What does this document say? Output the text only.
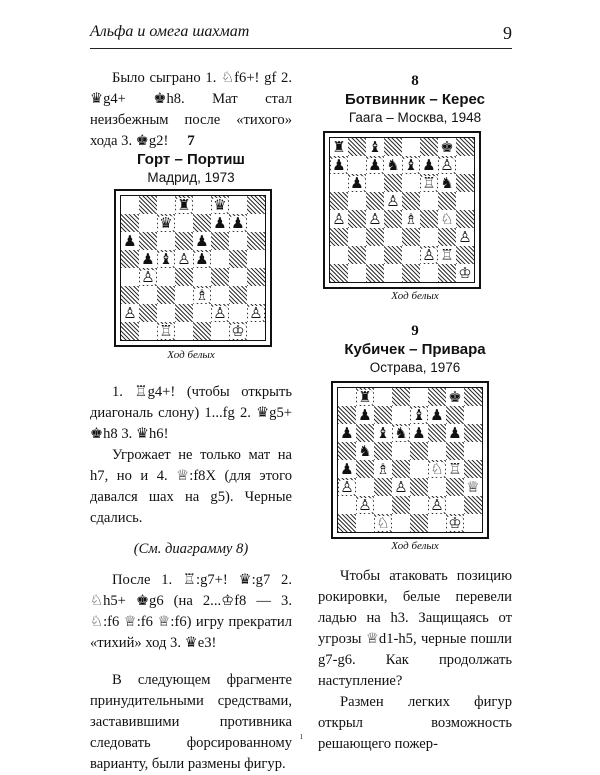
Альфа и омега шахмат	9

Было сыграно 1. ♘f6+! gf 2. ♛g4+ ♚h8. Мат стал неизбежным после «тихого» хода 3. ♚g2!	7
Горт – Портиш
Мадрид, 1973
♜ ♛
♛	♟ ♟
♟	♟
♟ ♝ ♙ ♟
♙
♗
♙	♙ ♙
♖	♔
Ход белых

1. ♖g4+! (чтобы открыть диагональ слону) 1...fg 2. ♛g5+ ♚h8 3. ♛h6!

Угрожает не только мат на h7, но и 4. ♕:f8X (для этого давался шах на g5). Черные сдались.

(См. диаграмму 8)

После 1. ♖:g7+! ♛:g7 2. ♘h5+ ♚g6 (на 2...♔f8 — 3. ♘:f6 ♕:f6 ♕:f6) игру прекратил «тихий» ход 3. ♛e3!

В следующем фрагменте принудительными средствами, заставившими противника следовать форсированному варианту, были размены фигур.

8
Ботвинник – Керес
Гаага – Москва, 1948
♜ ♝	♚
♟ ♟ ♞ ♝ ♟ ♙
♟	♖ ♞
♙
♙ ♙ ♗ ♘
♙
♙ ♖
♔
Ход белых
9
Кубичек – Привара
Острава, 1976
♜	♚
♟	♝ ♟
♟ ♝ ♞ ♟ ♟
♞
♟ ♗	♘ ♖
♙	♙	♕
♙	♙
♘	♔
Ход белых

Чтобы атаковать позицию рокировки, белые перевели ладью на h3. Защищаясь от угрозы ♕d1-h5, черные пошли g7-g6. Как продолжать наступление?

Размен легких фигур открыл возможность решающего пожер-

ı
